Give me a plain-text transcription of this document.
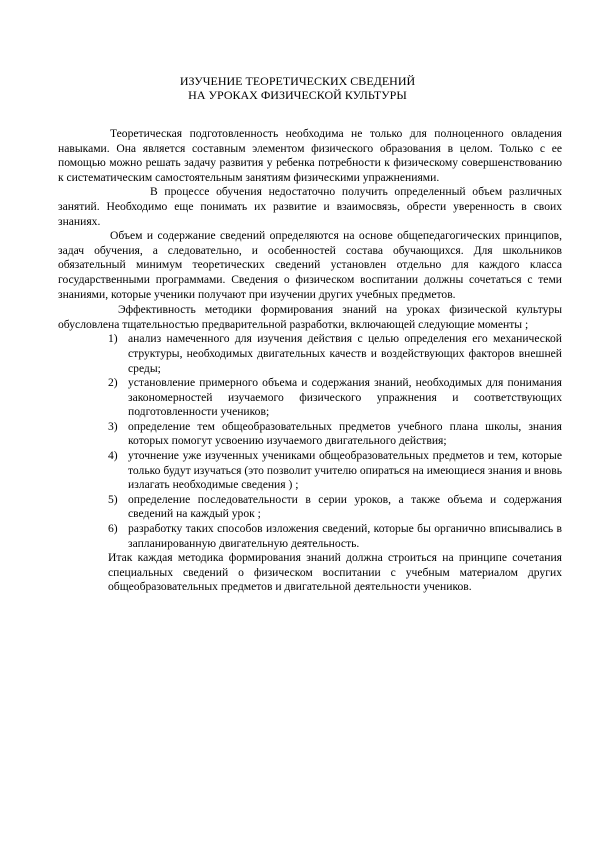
ИЗУЧЕНИЕ ТЕОРЕТИЧЕСКИХ СВЕДЕНИЙ
НА УРОКАХ ФИЗИЧЕСКОЙ КУЛЬТУРЫ

Теоретическая подготовленность необходима не только для полноценного овладения навыками. Она является составным элементом физического образования в целом. Только с ее помощью можно решать задачу развития у ребенка потребности к физическому совершенствованию к систематическим самостоятельным занятиям физическими упражнениями.

В процессе обучения недостаточно получить определенный объем различных занятий. Необходимо еще понимать их развитие и взаимосвязь, обрести уверенность в своих знаниях.

Объем и содержание сведений определяются на основе общепедагогических принципов, задач обучения, а следовательно, и особенностей состава обучающихся. Для школьников обязательный минимум теоретических сведений установлен отдельно для каждого класса государственными программами. Сведения о физическом воспитании должны сочетаться с теми знаниями, которые ученики получают при изучении других учебных предметов.

Эффективность методики формирования знаний на уроках физической культуры обусловлена тщательностью предварительной разработки, включающей следующие моменты ;

1) анализ намеченного для изучения действия с целью определения его механической структуры, необходимых двигательных качеств и воздействующих факторов внешней среды;
2) установление примерного объема и содержания знаний, необходимых для понимания закономерностей изучаемого физического упражнения и соответствующих подготовленности учеников;
3) определение тем общеобразовательных предметов учебного плана школы, знания которых помогут усвоению изучаемого двигательного действия;
4) уточнение уже изученных учениками общеобразовательных предметов и тем, которые только будут изучаться (это позволит учителю опираться на имеющиеся знания и вновь излагать необходимые сведения ) ;
5) определение последовательности в серии уроков, а также объема и содержания сведений на каждый урок ;
6) разработку таких способов изложения сведений, которые бы органично вписывались в запланированную двигательную деятельность.

Итак каждая методика формирования знаний должна строиться на принципе сочетания специальных сведений о физическом воспитании с учебным материалом других общеобразовательных предметов и двигательной деятельности учеников.
